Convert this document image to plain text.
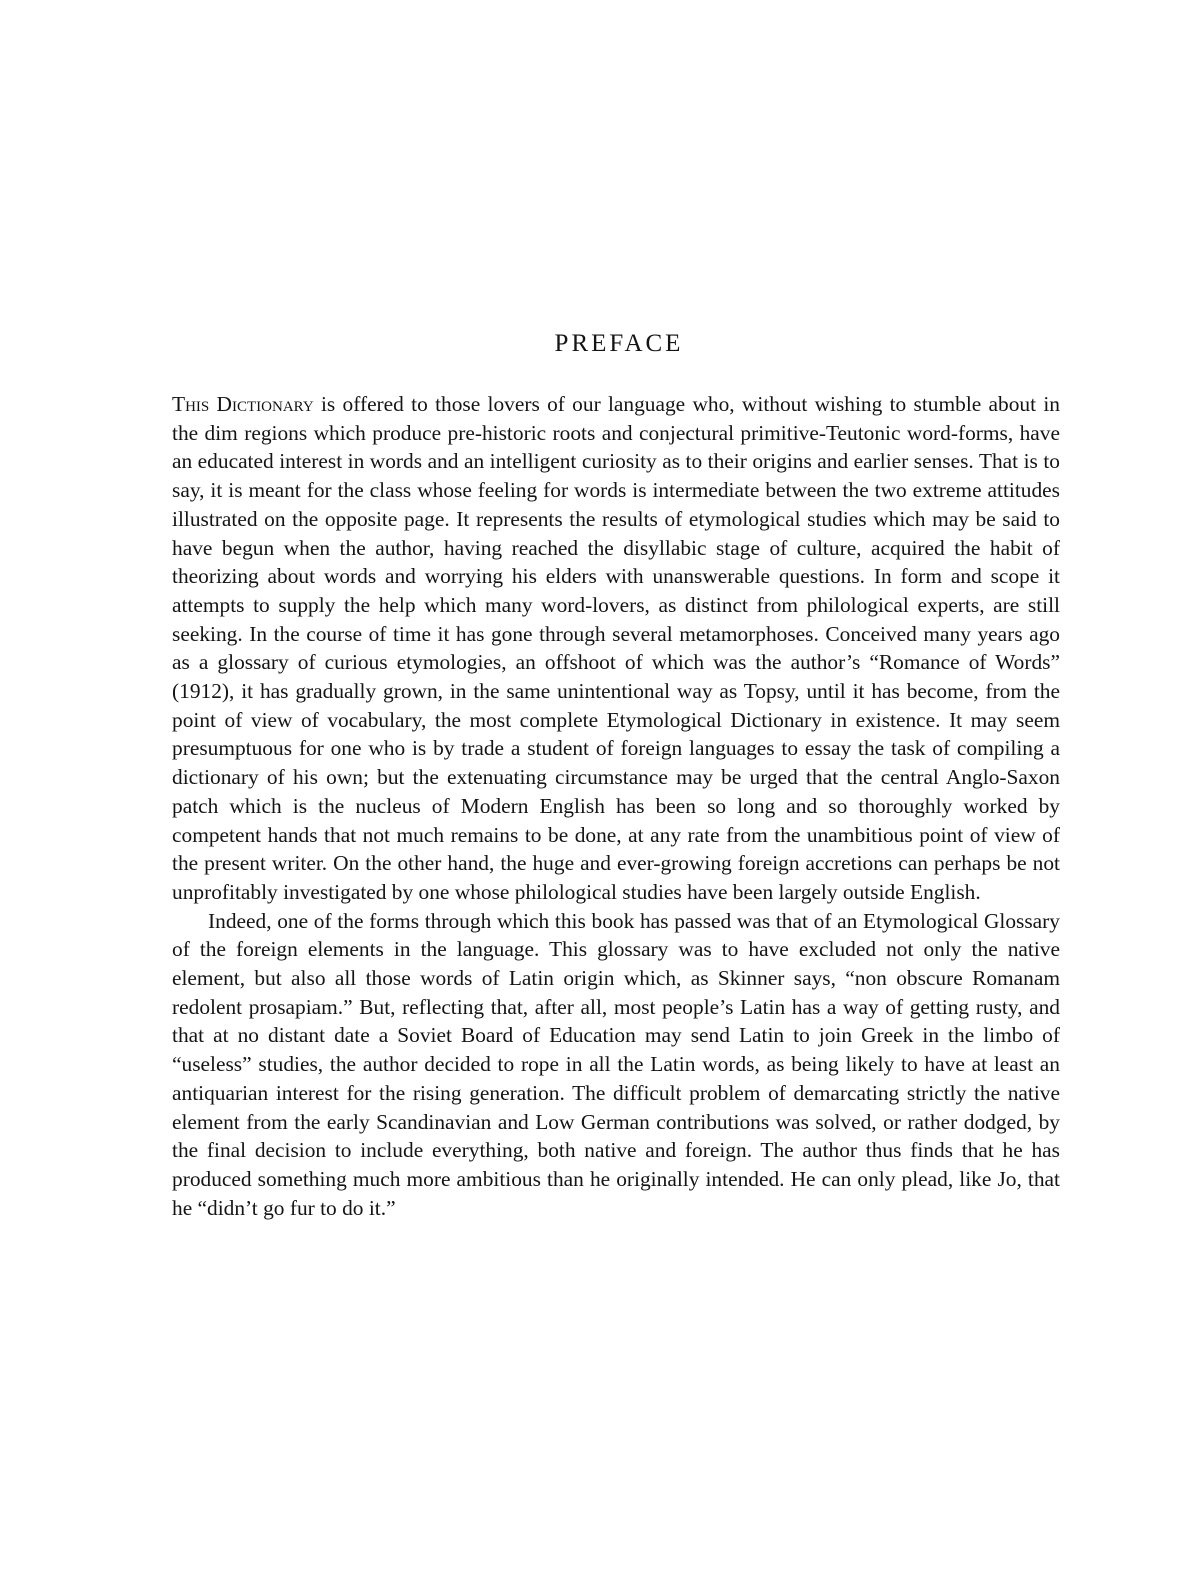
PREFACE

This Dictionary is offered to those lovers of our language who, without wishing to stumble about in the dim regions which produce pre-historic roots and conjectural primitive-Teutonic word-forms, have an educated interest in words and an intelligent curiosity as to their origins and earlier senses. That is to say, it is meant for the class whose feeling for words is intermediate between the two extreme attitudes illustrated on the opposite page. It represents the results of etymological studies which may be said to have begun when the author, having reached the disyllabic stage of culture, acquired the habit of theorizing about words and worrying his elders with unanswerable questions. In form and scope it attempts to supply the help which many word-lovers, as distinct from philological experts, are still seeking. In the course of time it has gone through several metamorphoses. Conceived many years ago as a glossary of curious etymologies, an offshoot of which was the author’s “Romance of Words” (1912), it has gradually grown, in the same unintentional way as Topsy, until it has become, from the point of view of vocabulary, the most complete Etymological Dictionary in existence. It may seem presumptuous for one who is by trade a student of foreign languages to essay the task of compiling a dictionary of his own; but the extenuating circumstance may be urged that the central Anglo-Saxon patch which is the nucleus of Modern English has been so long and so thoroughly worked by competent hands that not much remains to be done, at any rate from the unambitious point of view of the present writer. On the other hand, the huge and ever-growing foreign accretions can perhaps be not unprofitably investigated by one whose philological studies have been largely outside English.

Indeed, one of the forms through which this book has passed was that of an Etymological Glossary of the foreign elements in the language. This glossary was to have excluded not only the native element, but also all those words of Latin origin which, as Skinner says, “non obscure Romanam redolent prosapiam.” But, reflecting that, after all, most people’s Latin has a way of getting rusty, and that at no distant date a Soviet Board of Education may send Latin to join Greek in the limbo of “useless” studies, the author decided to rope in all the Latin words, as being likely to have at least an antiquarian interest for the rising generation. The difficult problem of demarcating strictly the native element from the early Scandinavian and Low German contributions was solved, or rather dodged, by the final decision to include everything, both native and foreign. The author thus finds that he has produced something much more ambitious than he originally intended. He can only plead, like Jo, that he “didn’t go fur to do it.”
